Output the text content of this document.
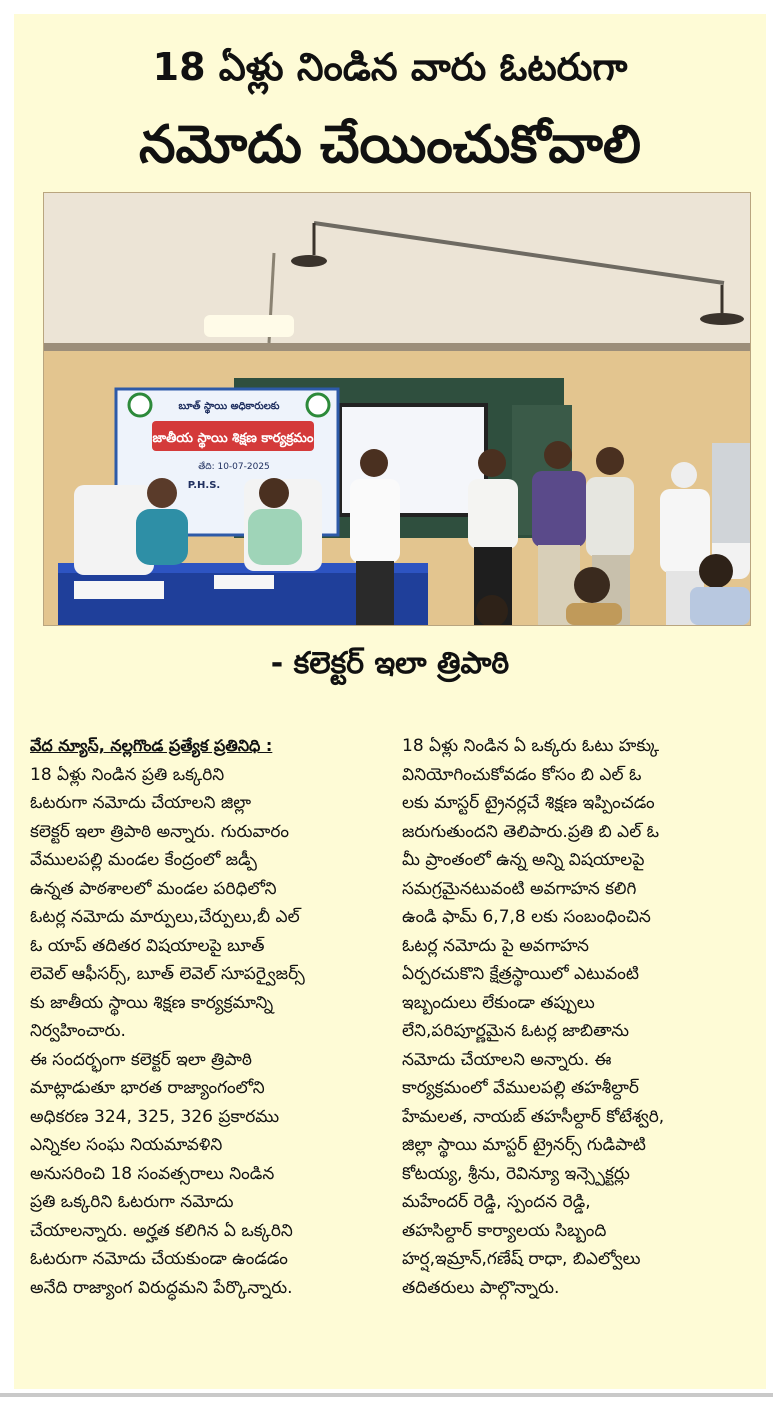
18 ఏళ్లు నిండిన వారు ఓటరుగా
నమోదు చేయించుకోవాలి
బూత్ స్థాయి అధికారులకు
జాతీయ స్థాయి శిక్షణ కార్యక్రమం
తేది: 10-07-2025
P.H.S.
- కలెక్టర్ ఇలా త్రిపాఠి
వేద న్యూస్, నల్లగొండ ప్రత్యేక ప్రతినిధి :
18 ఏళ్లు నిండిన ప్రతి ఒక్కరిని
ఓటరుగా నమోదు చేయాలని జిల్లా
కలెక్టర్ ఇలా త్రిపాఠి అన్నారు. గురువారం
వేములపల్లి మండల కేంద్రంలో జడ్పీ
ఉన్నత పాఠశాలలో మండల పరిధిలోని
ఓటర్ల నమోదు మార్పులు,చేర్పులు,బీ ఎల్
ఓ యాప్ తదితర విషయాలపై బూత్
లెవెల్ ఆఫీసర్స్, బూత్ లెవెల్ సూపర్వైజర్స్
కు జాతీయ స్థాయి శిక్షణ కార్యక్రమాన్ని
నిర్వహించారు.
ఈ సందర్భంగా కలెక్టర్ ఇలా త్రిపాఠి
మాట్లాడుతూ భారత రాజ్యాంగంలోని
అధికరణ 324, 325, 326 ప్రకారము
ఎన్నికల సంఘ నియమావళిని
అనుసరించి 18 సంవత్సరాలు నిండిన
ప్రతి ఒక్కరిని ఓటరుగా నమోదు
చేయాలన్నారు. అర్హత కలిగిన ఏ ఒక్కరిని
ఓటరుగా నమోదు చేయకుండా ఉండడం
అనేది రాజ్యాంగ విరుద్ధమని పేర్కొన్నారు.
18 ఏళ్లు నిండిన ఏ ఒక్కరు ఓటు హక్కు
వినియోగించుకోవడం కోసం బి ఎల్ ఓ
లకు మాస్టర్ ట్రైనర్లచే శిక్షణ ఇప్పించడం
జరుగుతుందని తెలిపారు.ప్రతి బి ఎల్ ఓ
మీ ప్రాంతంలో ఉన్న అన్ని విషయాలపై
సమగ్రమైనటువంటి అవగాహన కలిగి
ఉండి ఫామ్ 6,7,8 లకు సంబంధించిన
ఓటర్ల నమోదు పై అవగాహన
ఏర్పరచుకొని క్షేత్రస్థాయిలో ఎటువంటి
ఇబ్బందులు లేకుండా తప్పులు
లేని,పరిపూర్ణమైన ఓటర్ల జాబితాను
నమోదు చేయాలని అన్నారు. ఈ
కార్యక్రమంలో వేములపల్లి తహశీల్దార్
హేమలత, నాయబ్ తహసీల్దార్ కోటేశ్వరి,
జిల్లా స్థాయి మాస్టర్ ట్రైనర్స్ గుడిపాటి
కోటయ్య, శ్రీను, రెవిన్యూ ఇన్స్పెక్టర్లు
మహేందర్ రెడ్డి, స్పందన రెడ్డి,
తహసిల్దార్ కార్యాలయ సిబ్బంది
హర్ష,ఇమ్రాన్,గణేష్ రాధా, బిఎల్వోలు
తదితరులు పాల్గొన్నారు.
